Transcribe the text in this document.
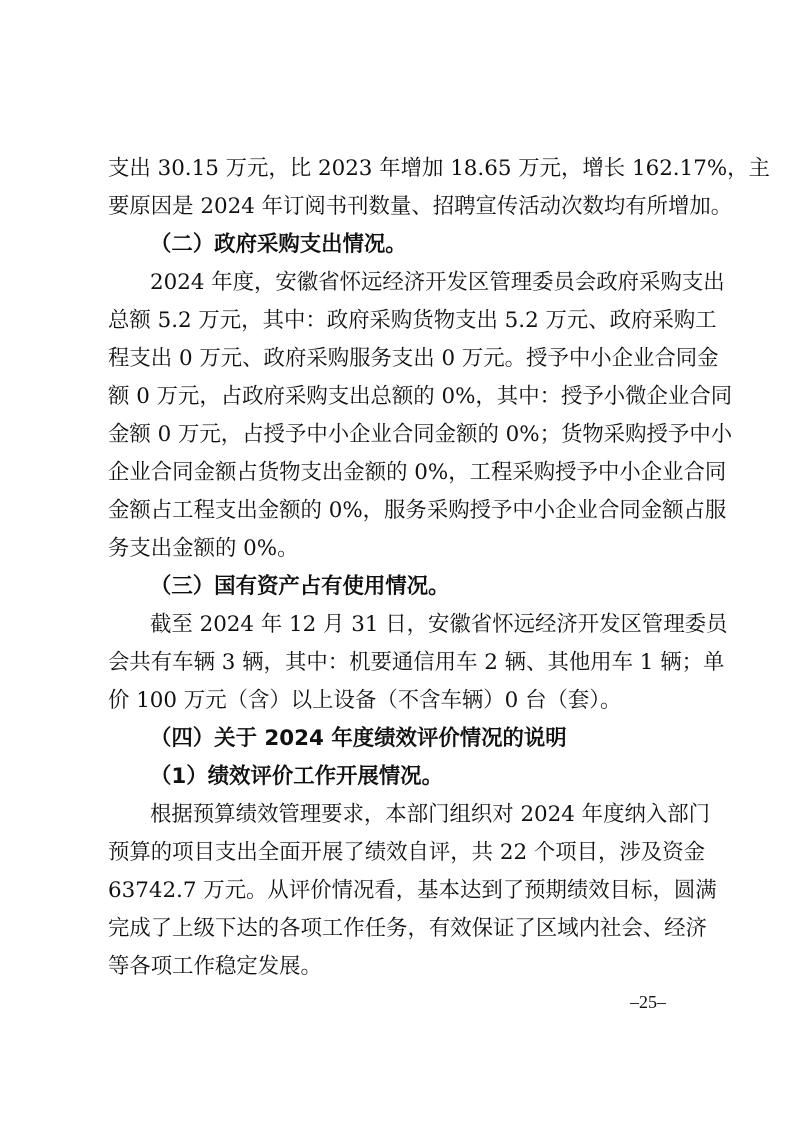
支出 30.15 万元，比 2023 年增加 18.65 万元，增长 162.17%，主
要原因是 2024 年订阅书刊数量、招聘宣传活动次数均有所增加。
（二）政府采购支出情况。
2024 年度，安徽省怀远经济开发区管理委员会政府采购支出
总额 5.2 万元，其中：政府采购货物支出 5.2 万元、政府采购工
程支出 0 万元、政府采购服务支出 0 万元。授予中小企业合同金
额 0 万元，占政府采购支出总额的 0%，其中：授予小微企业合同
金额 0 万元，占授予中小企业合同金额的 0%；货物采购授予中小
企业合同金额占货物支出金额的 0%，工程采购授予中小企业合同
金额占工程支出金额的 0%，服务采购授予中小企业合同金额占服
务支出金额的 0%。
（三）国有资产占有使用情况。
截至 2024 年 12 月 31 日，安徽省怀远经济开发区管理委员
会共有车辆 3 辆，其中：机要通信用车 2 辆、其他用车 1 辆；单
价 100 万元（含）以上设备（不含车辆）0 台（套）。
（四）关于 2024 年度绩效评价情况的说明
（1）绩效评价工作开展情况。
根据预算绩效管理要求，本部门组织对 2024 年度纳入部门
预算的项目支出全面开展了绩效自评，共 22 个项目，涉及资金
63742.7 万元。从评价情况看，基本达到了预期绩效目标，圆满
完成了上级下达的各项工作任务，有效保证了区域内社会、经济
等各项工作稳定发展。
–25–
